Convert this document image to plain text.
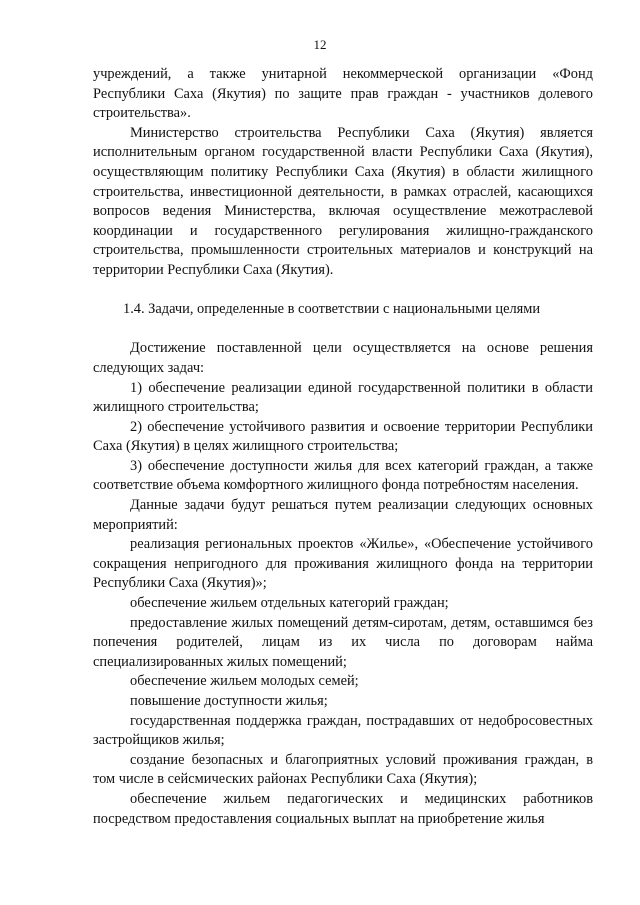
12

учреждений, а также унитарной некоммерческой организации «Фонд Республики Саха (Якутия) по защите прав граждан - участников долевого строительства».

Министерство строительства Республики Саха (Якутия) является исполнительным органом государственной власти Республики Саха (Якутия), осуществляющим политику Республики Саха (Якутия) в области жилищного строительства, инвестиционной деятельности, в рамках отраслей, касающихся вопросов ведения Министерства, включая осуществление межотраслевой координации и государственного регулирования жилищно-гражданского строительства, промышленности строительных материалов и конструкций на территории Республики Саха (Якутия).

1.4. Задачи, определенные в соответствии с национальными целями

Достижение поставленной цели осуществляется на основе решения следующих задач:

1) обеспечение реализации единой государственной политики в области жилищного строительства;

2) обеспечение устойчивого развития и освоение территории Республики Саха (Якутия) в целях жилищного строительства;

3) обеспечение доступности жилья для всех категорий граждан, а также соответствие объема комфортного жилищного фонда потребностям населения.

Данные задачи будут решаться путем реализации следующих основных мероприятий:

реализация региональных проектов «Жилье», «Обеспечение устойчивого сокращения непригодного для проживания жилищного фонда на территории Республики Саха (Якутия)»;

обеспечение жильем отдельных категорий граждан;

предоставление жилых помещений детям-сиротам, детям, оставшимся без попечения родителей, лицам из их числа по договорам найма специализированных жилых помещений;

обеспечение жильем молодых семей;

повышение доступности жилья;

государственная поддержка граждан, пострадавших от недобросовестных застройщиков жилья;

создание безопасных и благоприятных условий проживания граждан, в том числе в сейсмических районах Республики Саха (Якутия);

обеспечение жильем педагогических и медицинских работников посредством предоставления социальных выплат на приобретение жилья
